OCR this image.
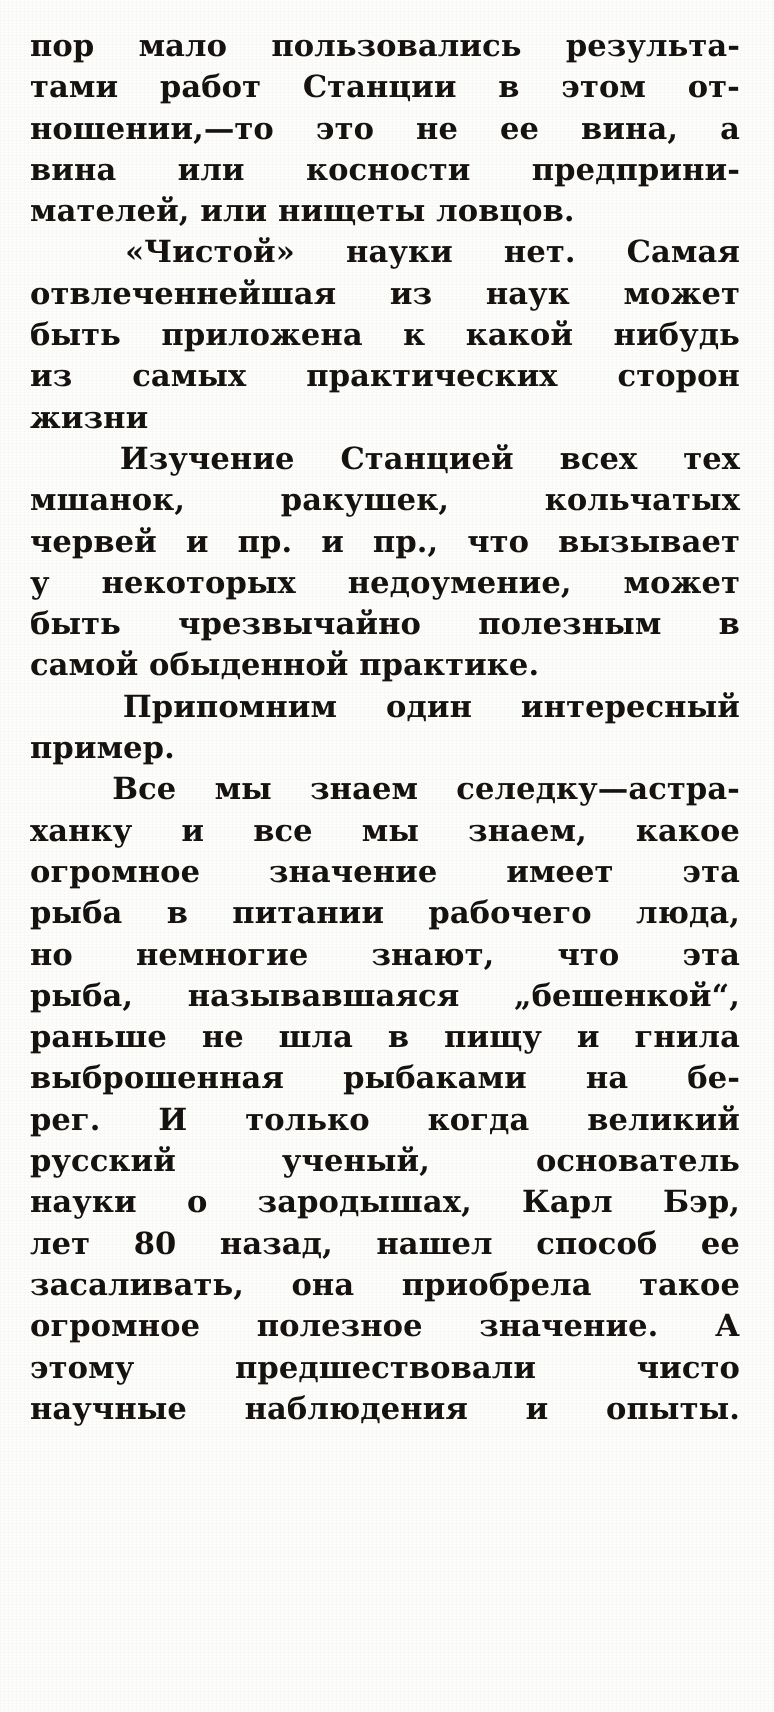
пор мало пользовались результа-
тами работ Станции в этом от-
ношении,—то это не ее вина, а
вина или косности предприни-
мателей,
или
нищеты
ловцов.

«Чистой» науки нет. Самая
отвлеченнейшая из наук может
быть приложена к какой нибудь
из самых практических сторон
жизни

Изучение Станцией всех тех
мшанок,	ракушек,	кольчатых
червей и пр. и пр., что вызывает
у некоторых недоумение, может
быть чрезвычайно полезным в
самой
обыденной
практике.

Припомним один интересный
пример.

Все мы знаем селедку—астра-
ханку и все мы знаем, какое
огромное значение имеет эта
рыба в питании рабочего люда,
но немногие знают, что эта
рыба, называвшаяся „бешенкой“,
раньше не шла в пищу и гнила
выброшенная рыбаками на бе-
рег. И только когда великий
русский	ученый,	основатель
науки о зародышах, Карл Бэр,
лет 80 назад, нашел способ ее
засаливать, она приобрела такое
огромное полезное значение. А
этому	предшествовали	чисто
научные наблюдения и опыты.
